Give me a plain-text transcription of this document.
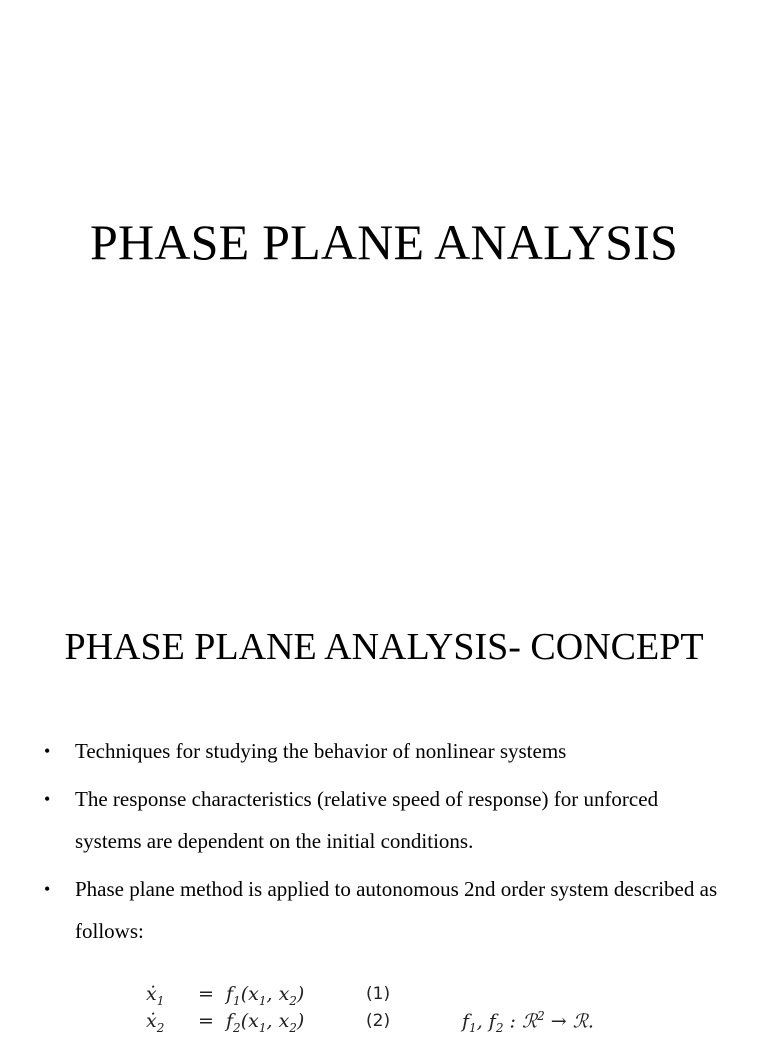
PHASE PLANE ANALYSIS
PHASE PLANE ANALYSIS- CONCEPT
• Techniques for studying the behavior of nonlinear systems
• The response characteristics (relative speed of response) for unforced systems are dependent on the initial conditions.
• Phase plane method is applied to autonomous 2nd order system described as follows:
ẋ$_1$ = $f_1(x_1$, $x_2$)
ẋ$_2$ = $f_2(x_1$, $x_2$)
(1)
(2)	$f_1$, $f_2$ : ℛ$^2$ → ℛ.
